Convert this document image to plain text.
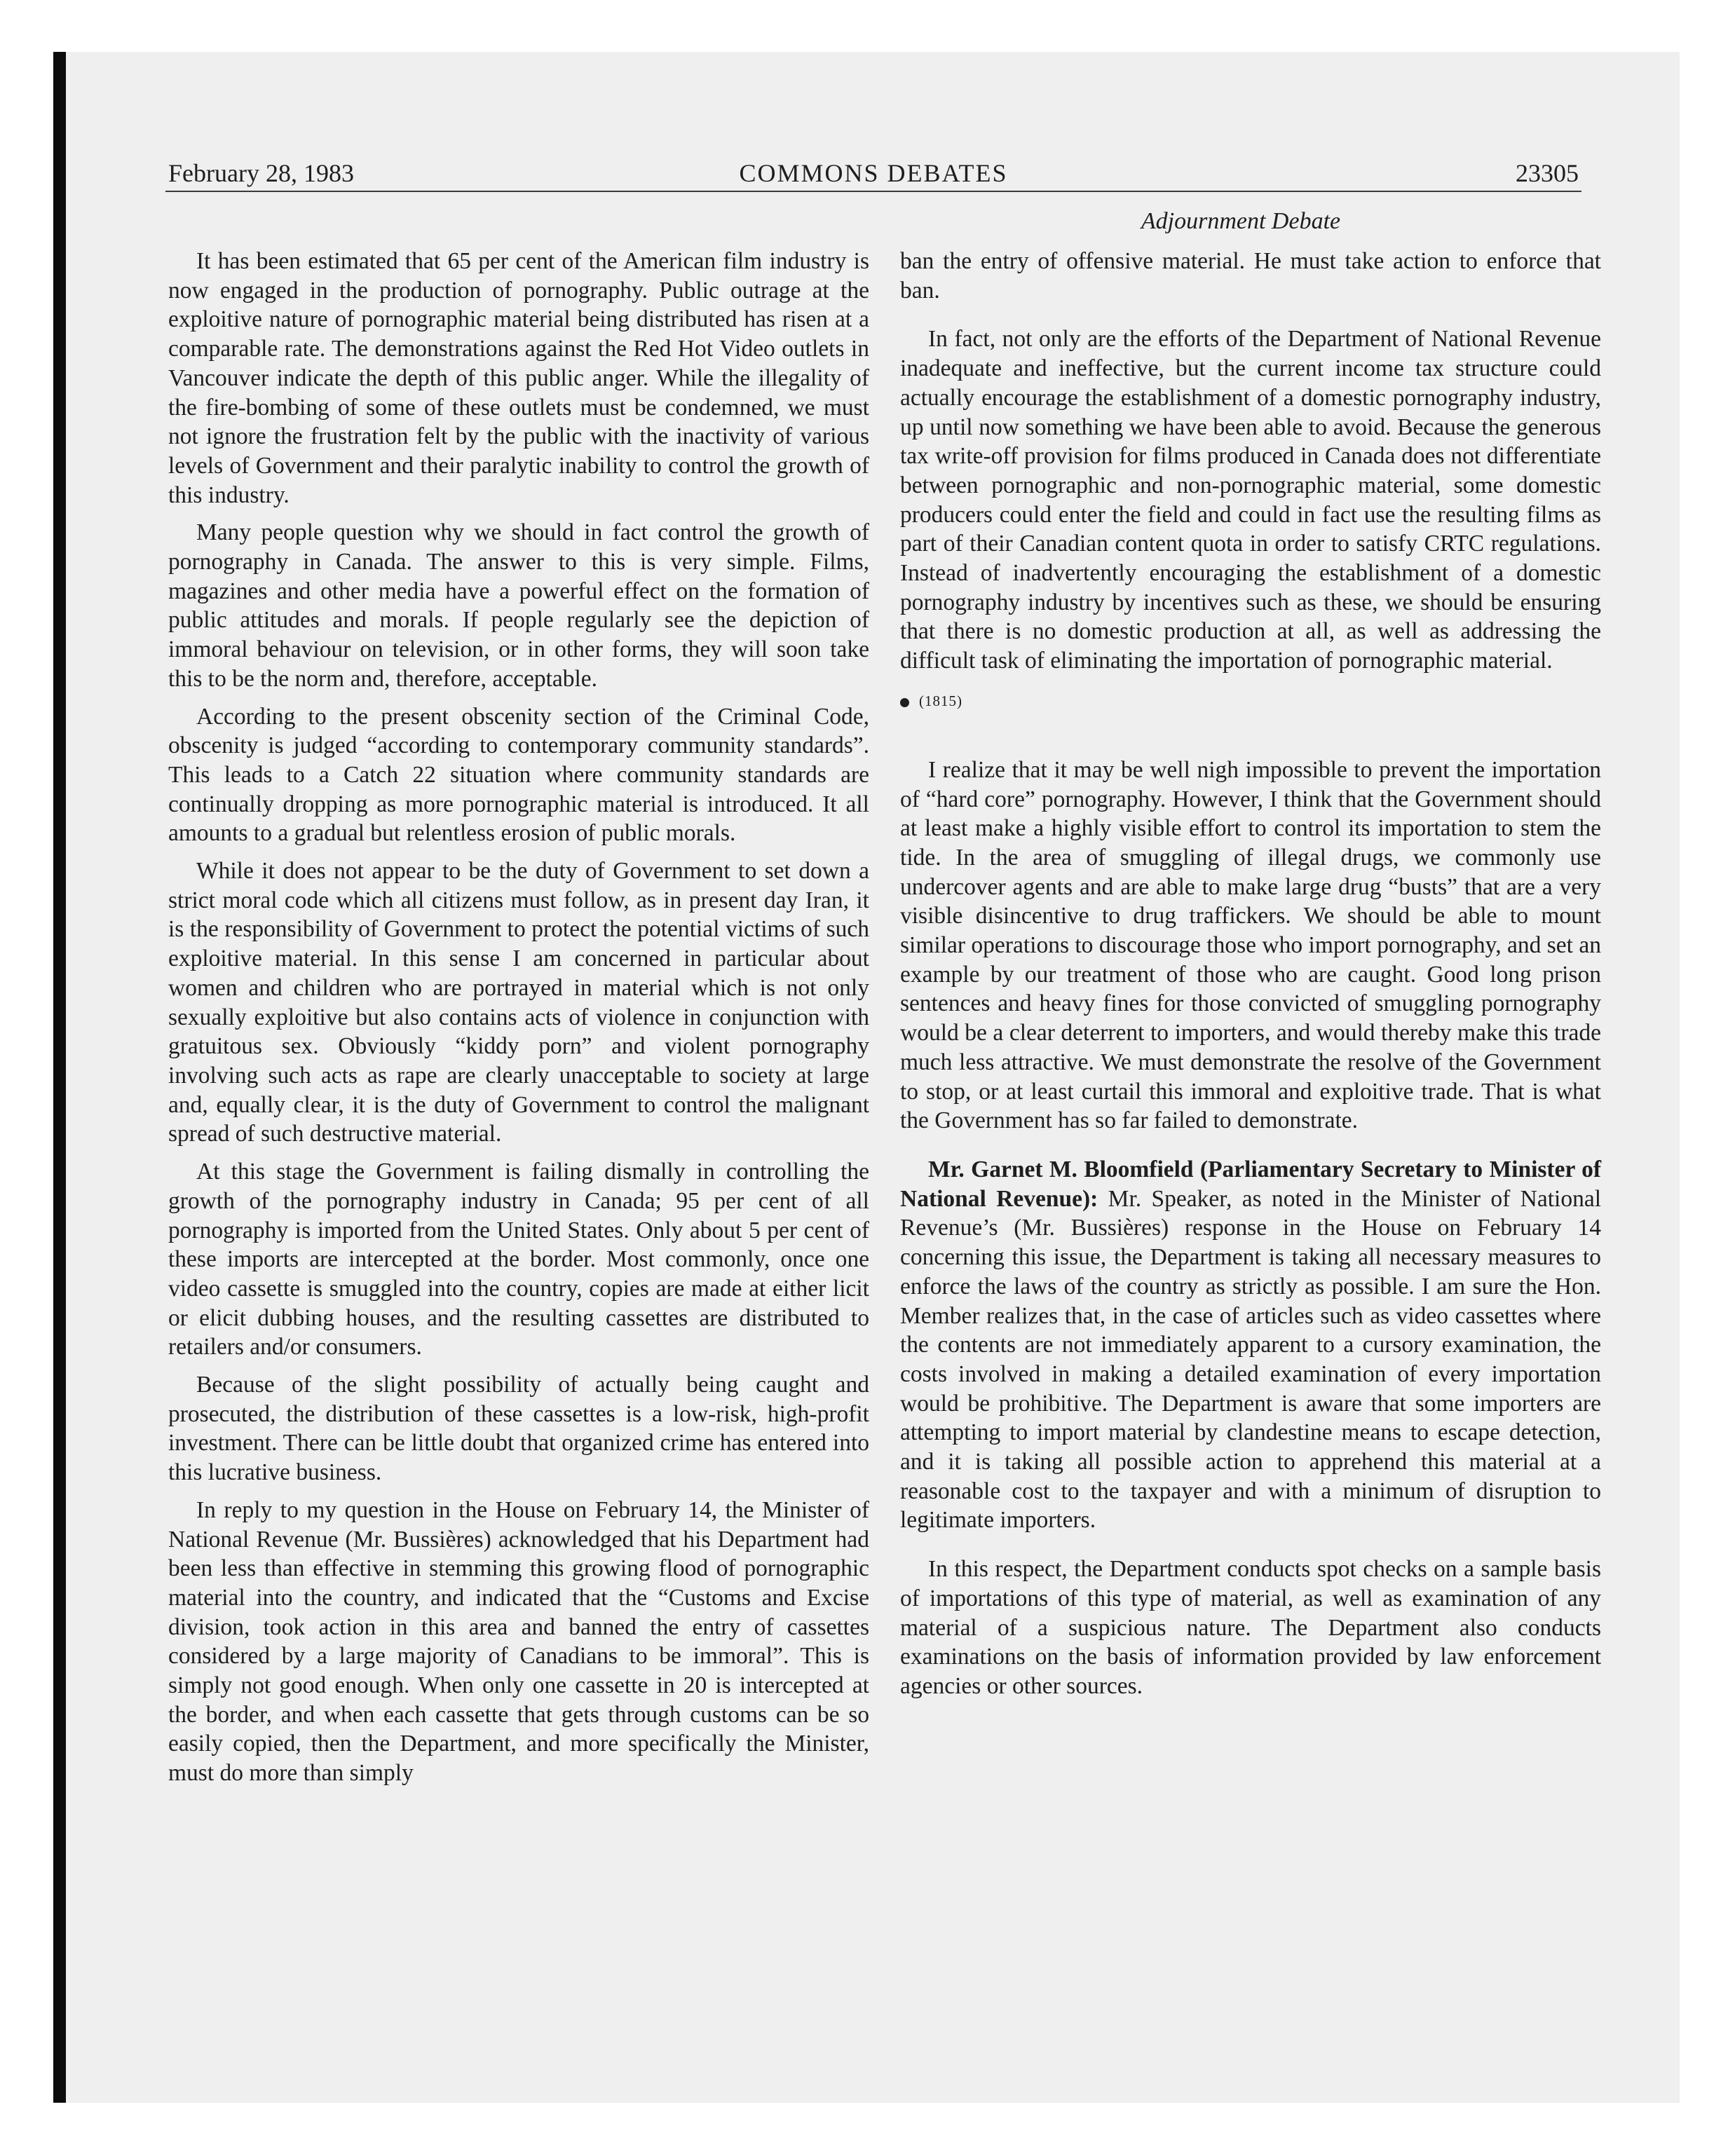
February 28, 1983	COMMONS DEBATES	23305
Adjournment Debate

It has been estimated that 65 per cent of the American film industry is now engaged in the production of pornography. Public outrage at the exploitive nature of pornographic material being distributed has risen at a comparable rate. The demonstrations against the Red Hot Video outlets in Vancouver indicate the depth of this public anger. While the illegality of the fire-bombing of some of these outlets must be condemned, we must not ignore the frustration felt by the public with the inactivity of various levels of Government and their paralytic inability to control the growth of this industry.

Many people question why we should in fact control the growth of pornography in Canada. The answer to this is very simple. Films, magazines and other media have a powerful effect on the formation of public attitudes and morals. If people regularly see the depiction of immoral behaviour on television, or in other forms, they will soon take this to be the norm and, therefore, acceptable.

According to the present obscenity section of the Criminal Code, obscenity is judged “according to contemporary community standards”. This leads to a Catch 22 situation where community standards are continually dropping as more pornographic material is introduced. It all amounts to a gradual but relentless erosion of public morals.

While it does not appear to be the duty of Government to set down a strict moral code which all citizens must follow, as in present day Iran, it is the responsibility of Government to protect the potential victims of such exploitive material. In this sense I am concerned in particular about women and children who are portrayed in material which is not only sexually exploitive but also contains acts of violence in conjunction with gratuitous sex. Obviously “kiddy porn” and violent pornography involving such acts as rape are clearly unacceptable to society at large and, equally clear, it is the duty of Government to control the malignant spread of such destructive material.

At this stage the Government is failing dismally in controlling the growth of the pornography industry in Canada; 95 per cent of all pornography is imported from the United States. Only about 5 per cent of these imports are intercepted at the border. Most commonly, once one video cassette is smuggled into the country, copies are made at either licit or elicit dubbing houses, and the resulting cassettes are distributed to retailers and/or consumers.

Because of the slight possibility of actually being caught and prosecuted, the distribution of these cassettes is a low-risk, high-profit investment. There can be little doubt that organized crime has entered into this lucrative business.

In reply to my question in the House on February 14, the Minister of National Revenue (Mr. Bussières) acknowledged that his Department had been less than effective in stemming this growing flood of pornographic material into the country, and indicated that the “Customs and Excise division, took action in this area and banned the entry of cassettes considered by a large majority of Canadians to be immoral”. This is simply not good enough. When only one cassette in 20 is intercepted at the border, and when each cassette that gets through customs can be so easily copied, then the Department, and more specifically the Minister, must do more than simply

ban the entry of offensive material. He must take action to enforce that ban.

In fact, not only are the efforts of the Department of National Revenue inadequate and ineffective, but the current income tax structure could actually encourage the establishment of a domestic pornography industry, up until now something we have been able to avoid. Because the generous tax write-off provision for films produced in Canada does not differentiate between pornographic and non-pornographic material, some domestic producers could enter the field and could in fact use the resulting films as part of their Canadian content quota in order to satisfy CRTC regulations. Instead of inadvertently encouraging the establishment of a domestic pornography industry by incentives such as these, we should be ensuring that there is no domestic production at all, as well as addressing the difficult task of eliminating the importation of pornographic material.

(1815)

I realize that it may be well nigh impossible to prevent the importation of “hard core” pornography. However, I think that the Government should at least make a highly visible effort to control its importation to stem the tide. In the area of smuggling of illegal drugs, we commonly use undercover agents and are able to make large drug “busts” that are a very visible disincentive to drug traffickers. We should be able to mount similar operations to discourage those who import pornography, and set an example by our treatment of those who are caught. Good long prison sentences and heavy fines for those convicted of smuggling pornography would be a clear deterrent to importers, and would thereby make this trade much less attractive. We must demonstrate the resolve of the Government to stop, or at least curtail this immoral and exploitive trade. That is what the Government has so far failed to demonstrate.

Mr. Garnet M. Bloomfield (Parliamentary Secretary to Minister of National Revenue): Mr. Speaker, as noted in the Minister of National Revenue’s (Mr. Bussières) response in the House on February 14 concerning this issue, the Department is taking all necessary measures to enforce the laws of the country as strictly as possible. I am sure the Hon. Member realizes that, in the case of articles such as video cassettes where the contents are not immediately apparent to a cursory examination, the costs involved in making a detailed examination of every importation would be prohibitive. The Department is aware that some importers are attempting to import material by clandestine means to escape detection, and it is taking all possible action to apprehend this material at a reasonable cost to the taxpayer and with a minimum of disruption to legitimate importers.

In this respect, the Department conducts spot checks on a sample basis of importations of this type of material, as well as examination of any material of a suspicious nature. The Department also conducts examinations on the basis of information provided by law enforcement agencies or other sources.
